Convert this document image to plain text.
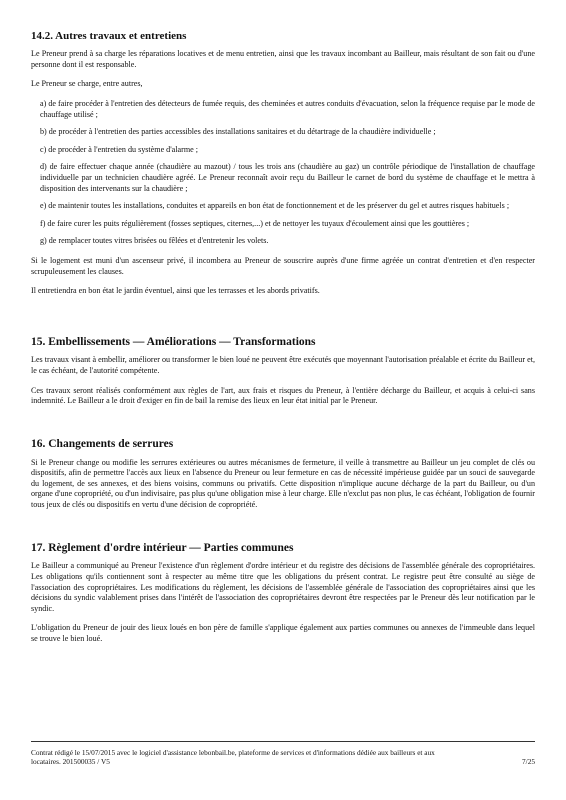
14.2. Autres travaux et entretiens

Le Preneur prend à sa charge les réparations locatives et de menu entretien, ainsi que les travaux incombant au Bailleur, mais résultant de son fait ou d'une personne dont il est responsable.

Le Preneur se charge, entre autres,

a) de faire procéder à l'entretien des détecteurs de fumée requis, des cheminées et autres conduits d'évacuation, selon la fréquence requise par le mode de chauffage utilisé ;

b) de procéder à l'entretien des parties accessibles des installations sanitaires et du détartrage de la chaudière individuelle ;

c) de procéder à l'entretien du système d'alarme ;

d) de faire effectuer chaque année (chaudière au mazout) / tous les trois ans (chaudière au gaz) un contrôle périodique de l'installation de chauffage individuelle par un technicien chaudière agréé. Le Preneur reconnaît avoir reçu du Bailleur le carnet de bord du système de chauffage et le mettra à disposition des intervenants sur la chaudière ;

e) de maintenir toutes les installations, conduites et appareils en bon état de fonctionnement et de les préserver du gel et autres risques habituels ;

f) de faire curer les puits régulièrement (fosses septiques, citernes,...) et de nettoyer les tuyaux d'écoulement ainsi que les gouttières ;

g) de remplacer toutes vitres brisées ou fêlées et d'entretenir les volets.

Si le logement est muni d'un ascenseur privé, il incombera au Preneur de souscrire auprès d'une firme agréée un contrat d'entretien et d'en respecter scrupuleusement les clauses.

Il entretiendra en bon état le jardin éventuel, ainsi que les terrasses et les abords privatifs.

15. Embellissements — Améliorations — Transformations

Les travaux visant à embellir, améliorer ou transformer le bien loué ne peuvent être exécutés que moyennant l'autorisation préalable et écrite du Bailleur et, le cas échéant, de l'autorité compétente.

Ces travaux seront réalisés conformément aux règles de l'art, aux frais et risques du Preneur, à l'entière décharge du Bailleur, et acquis à celui-ci sans indemnité. Le Bailleur a le droit d'exiger en fin de bail la remise des lieux en leur état initial par le Preneur.

16. Changements de serrures

Si le Preneur change ou modifie les serrures extérieures ou autres mécanismes de fermeture, il veille à transmettre au Bailleur un jeu complet de clés ou dispositifs, afin de permettre l'accès aux lieux en l'absence du Preneur ou leur fermeture en cas de nécessité impérieuse guidée par un souci de sauvegarde du logement, de ses annexes, et des biens voisins, communs ou privatifs. Cette disposition n'implique aucune décharge de la part du Bailleur, ou d'un organe d'une copropriété, ou d'un indivisaire, pas plus qu'une obligation mise à leur charge. Elle n'exclut pas non plus, le cas échéant, l'obligation de fournir tous jeux de clés ou dispositifs en vertu d'une décision de copropriété.

17. Règlement d'ordre intérieur — Parties communes

Le Bailleur a communiqué au Preneur l'existence d'un règlement d'ordre intérieur et du registre des décisions de l'assemblée générale des copropriétaires. Les obligations qu'ils contiennent sont à respecter au même titre que les obligations du présent contrat. Le registre peut être consulté au siège de l'association des copropriétaires. Les modifications du règlement, les décisions de l'assemblée générale de l'association des copropriétaires ainsi que les décisions du syndic valablement prises dans l'intérêt de l'association des copropriétaires devront être respectées par le Preneur dès leur notification par le syndic.

L'obligation du Preneur de jouir des lieux loués en bon père de famille s'applique également aux parties communes ou annexes de l'immeuble dans lequel se trouve le bien loué.

Contrat rédigé le 15/07/2015 avec le logiciel d'assistance lebonbail.be, plateforme de services et d'informations dédiée aux bailleurs et aux
locataires. 201500035 / V5	7/25
